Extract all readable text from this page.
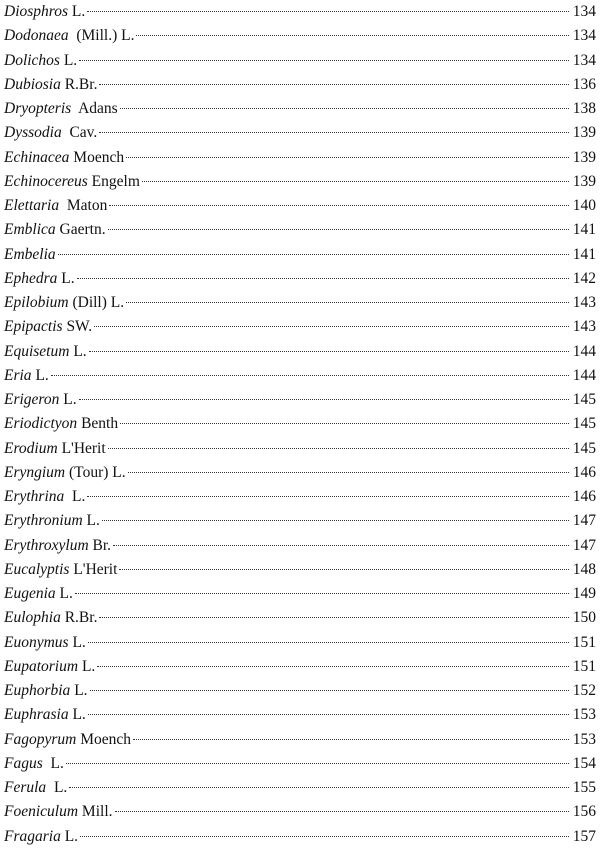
Diosphros L.	134
Dodonaea (Mill.) L.	134
Dolichos L.	134
Dubiosia R.Br.	136
Dryopteris Adans	138
Dyssodia Cav.	139
Echinacea Moench	139
Echinocereus Engelm	139
Elettaria Maton	140
Emblica Gaertn.	141
Embelia	141
Ephedra L.	142
Epilobium (Dill) L.	143
Epipactis SW.	143
Equisetum L.	144
Eria L.	144
Erigeron L.	145
Eriodictyon Benth	145
Erodium L'Herit	145
Eryngium (Tour) L.	146
Erythrina L.	146
Erythronium L.	147
Erythroxylum Br.	147
Eucalyptis L'Herit	148
Eugenia L.	149
Eulophia R.Br.	150
Euonymus L.	151
Eupatorium L.	151
Euphorbia L.	152
Euphrasia L.	153
Fagopyrum Moench	153
Fagus L.	154
Ferula L.	155
Foeniculum Mill.	156
Fragaria L.	157
